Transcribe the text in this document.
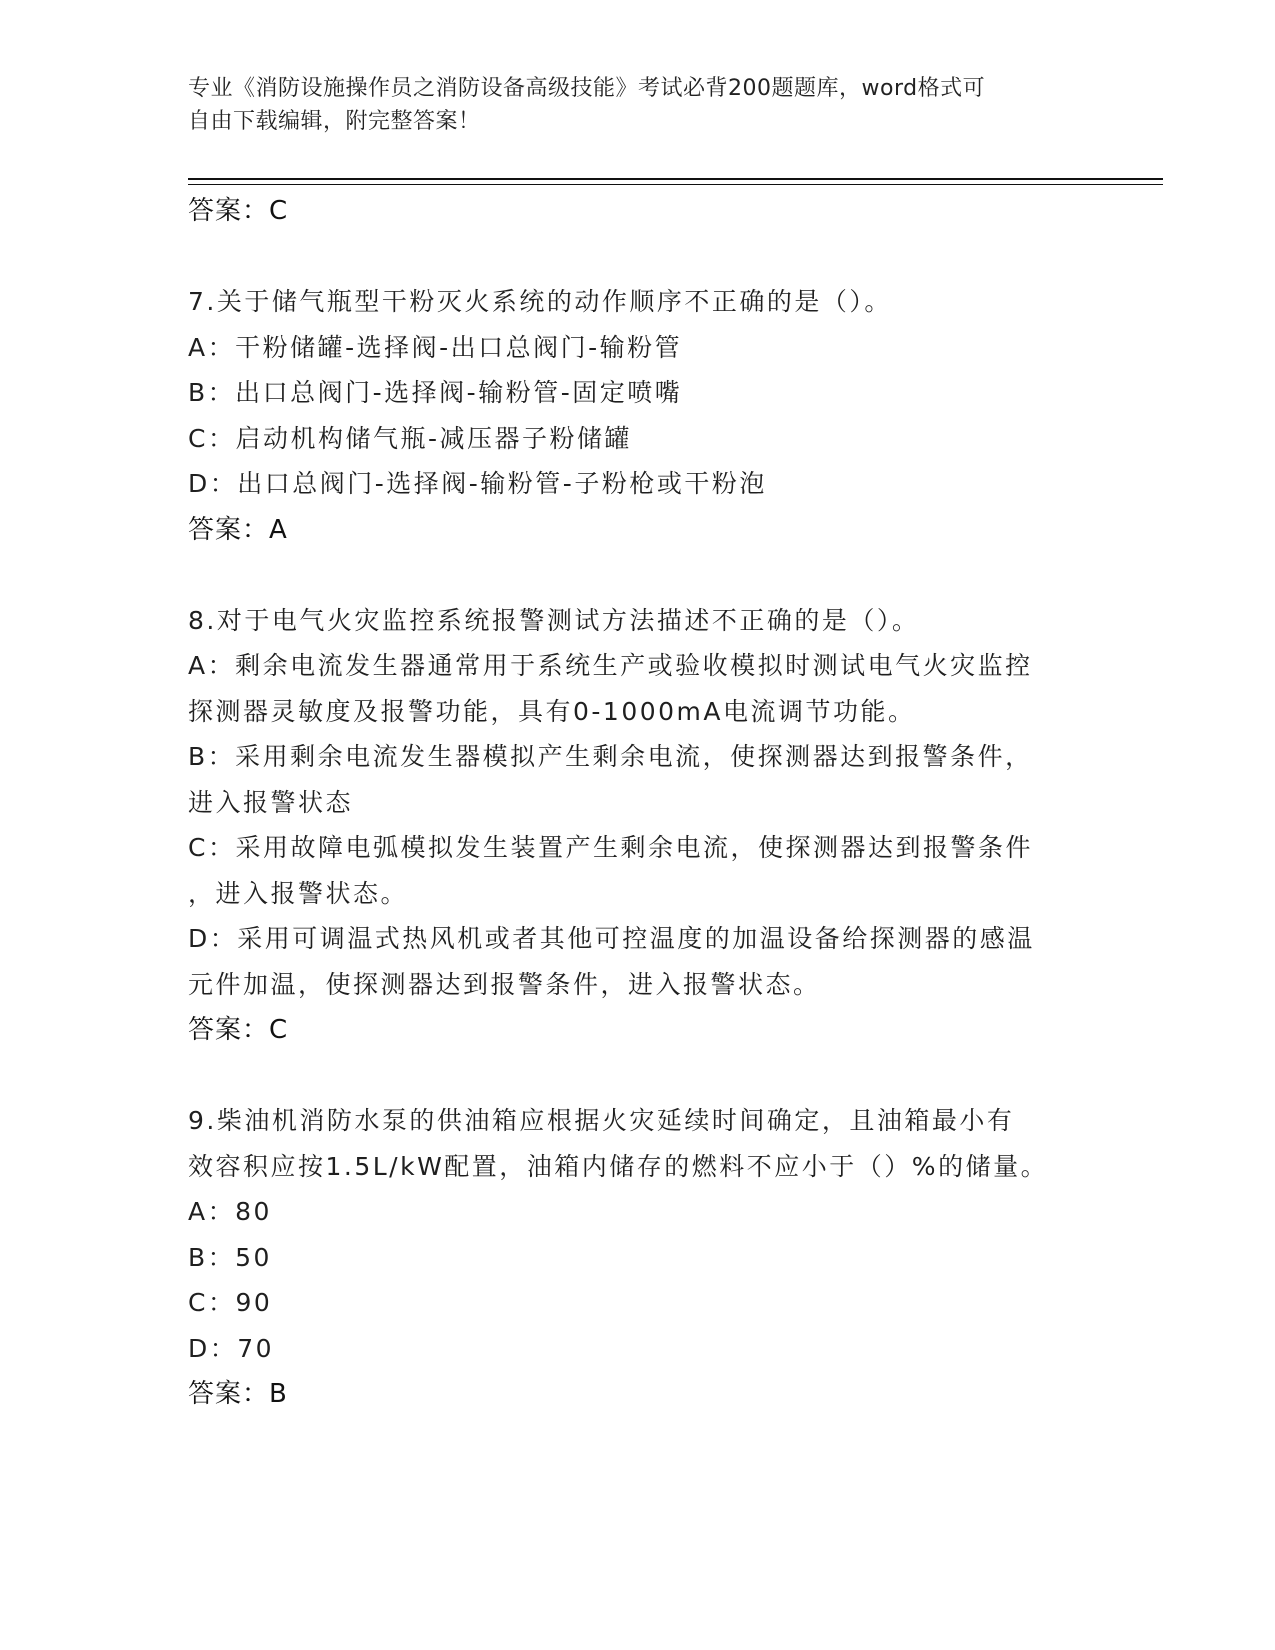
专业《消防设施操作员之消防设备高级技能》考试必背200题题库，word格式可
自由下载编辑，附完整答案！
答案：C
7.关于储气瓶型干粉灭火系统的动作顺序不正确的是（）。
A：干粉储罐-选择阀-出口总阀门-输粉管
B：出口总阀门-选择阀-输粉管-固定喷嘴
C：启动机构储气瓶-减压器子粉储罐
D：出口总阀门-选择阀-输粉管-子粉枪或干粉泡
答案：A
8.对于电气火灾监控系统报警测试方法描述不正确的是（）。
A：剩余电流发生器通常用于系统生产或验收模拟时测试电气火灾监控
探测器灵敏度及报警功能，具有0-1000mA电流调节功能。
B：采用剩余电流发生器模拟产生剩余电流，使探测器达到报警条件，
进入报警状态
C：采用故障电弧模拟发生装置产生剩余电流，使探测器达到报警条件
，进入报警状态。
D：采用可调温式热风机或者其他可控温度的加温设备给探测器的感温
元件加温，使探测器达到报警条件，进入报警状态。
答案：C
9.柴油机消防水泵的供油箱应根据火灾延续时间确定，且油箱最小有
效容积应按1.5L/kW配置，油箱内储存的燃料不应小于（）%的储量。
A：80
B：50
C：90
D：70
答案：B
